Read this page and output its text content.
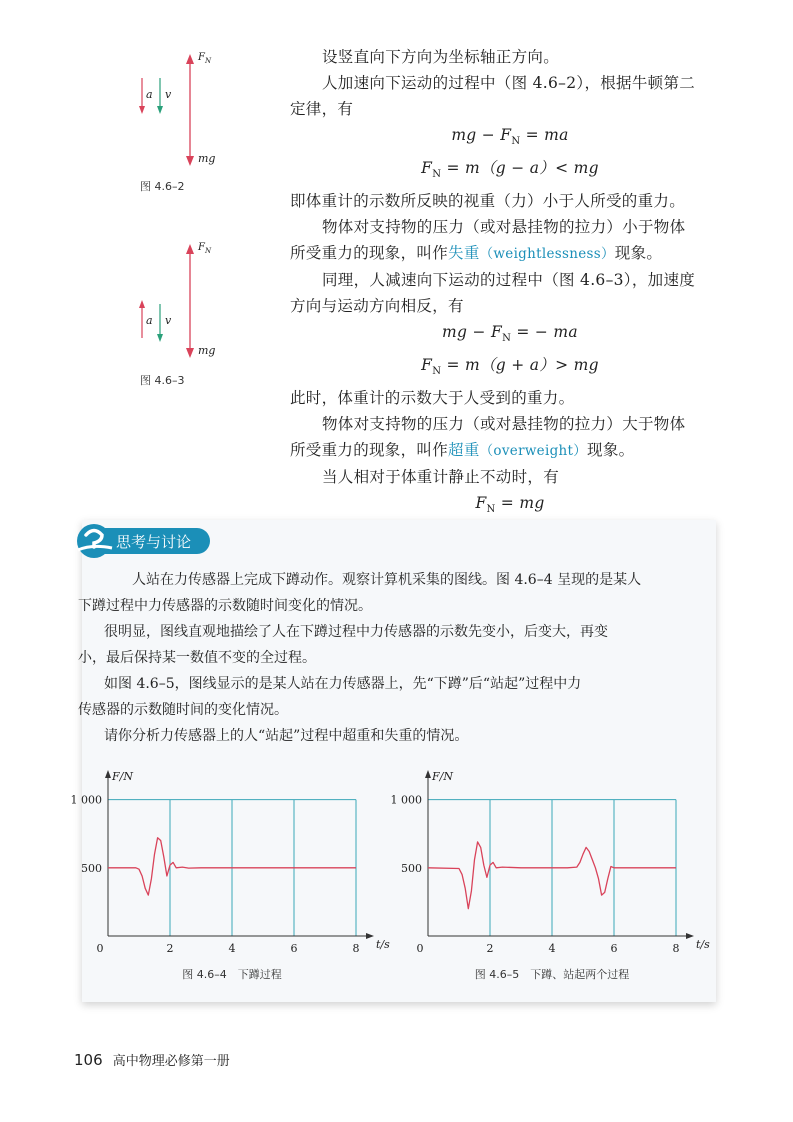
$F_N$
a v
mg
图 4.6–2
$F_N$
a v
mg
图 4.6–3
设竖直向下方向为坐标轴正方向。
人加速向下运动的过程中（图 4.6–2），根据牛顿第二
定律，有
mg − $F_N$ = ma
$F_N = m(g - a)<$ mg
即体重计的示数所反映的视重（力）小于人所受的重力。
物体对支持物的压力（或对悬挂物的拉力）小于物体
所受重力的现象，叫作失重（weightlessness）现象。
同理，人减速向下运动的过程中（图 4.6–3），加速度
方向与运动方向相反，有
mg − $F_N$ = − ma
$F_N = m(g + a)>$ mg
此时，体重计的示数大于人受到的重力。
物体对支持物的压力（或对悬挂物的拉力）大于物体
所受重力的现象，叫作超重（overweight）现象。
当人相对于体重计静止不动时，有
$F_N$ = mg
思考与讨论
人站在力传感器上完成下蹲动作。观察计算机采集的图线。图 4.6–4 呈现的是某人
下蹲过程中力传感器的示数随时间变化的情况。
很明显，图线直观地描绘了人在下蹲过程中力传感器的示数先变小，后变大，再变
小，最后保持某一数值不变的全过程。
如图 4.6–5，图线显示的是某人站在力传感器上，先“下蹲”后“站起”过程中力
传感器的示数随时间的变化情况。
请你分析力传感器上的人“站起”过程中超重和失重的情况。
0	2	4	6	8
1 000
500
F/N
t/s
图 4.6–4　下蹲过程
0	2	4	6	8
1 000
500
F/N
t/s
图 4.6–5　下蹲、站起两个过程
106 高中物理必修第一册
